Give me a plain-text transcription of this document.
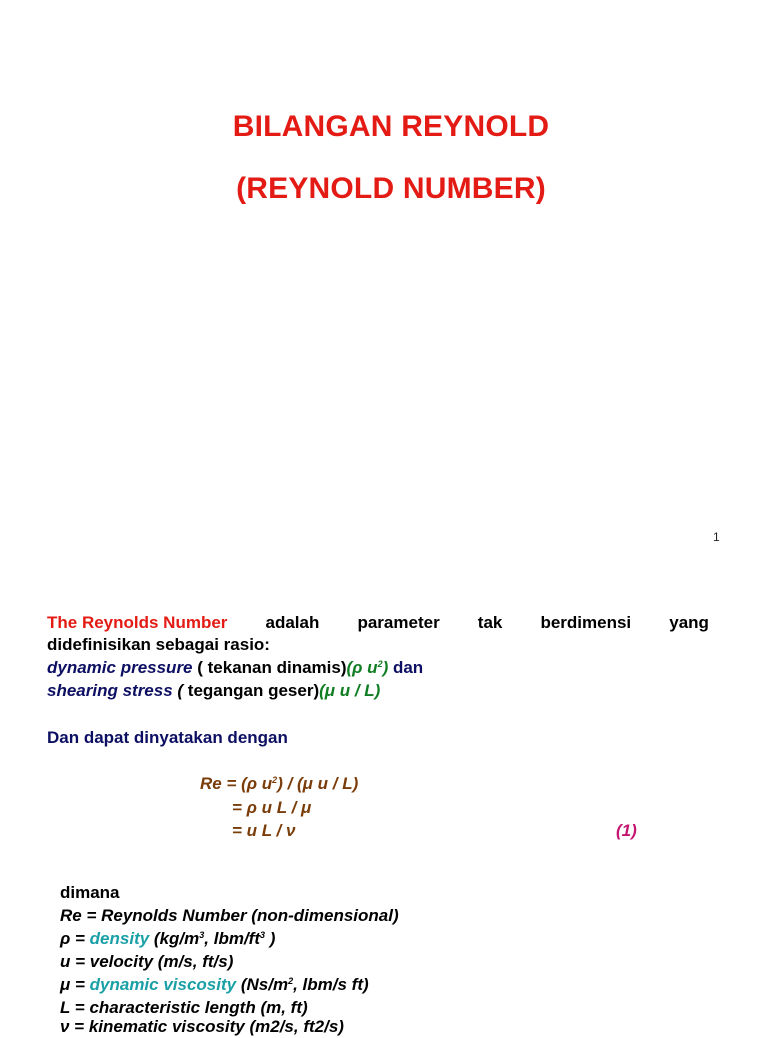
BILANGAN REYNOLD
(REYNOLD NUMBER)
1
The Reynolds Number adalah parameter tak berdimensi yang
didefinisikan sebagai rasio:
dynamic pressure ( tekanan dinamis)(ρ $u^2$) dan
shearing stress ( tegangan geser)(μ u / L)
Dan dapat dinyatakan dengan
Re = (ρ $u^2) / (\mu$ u / L)
= ρ u L / μ
= u L / ν	(1)
dimana
Re = Reynolds Number (non-dimensional)
ρ = density ($kg/m^3$, lbm/$ft^3$ )
u = velocity (m/s, ft/s)
μ = dynamic viscosity ($Ns/m^2$, lbm/s ft)
L = characteristic length (m, ft)
ν = kinematic viscosity (m2/s, ft2/s)
